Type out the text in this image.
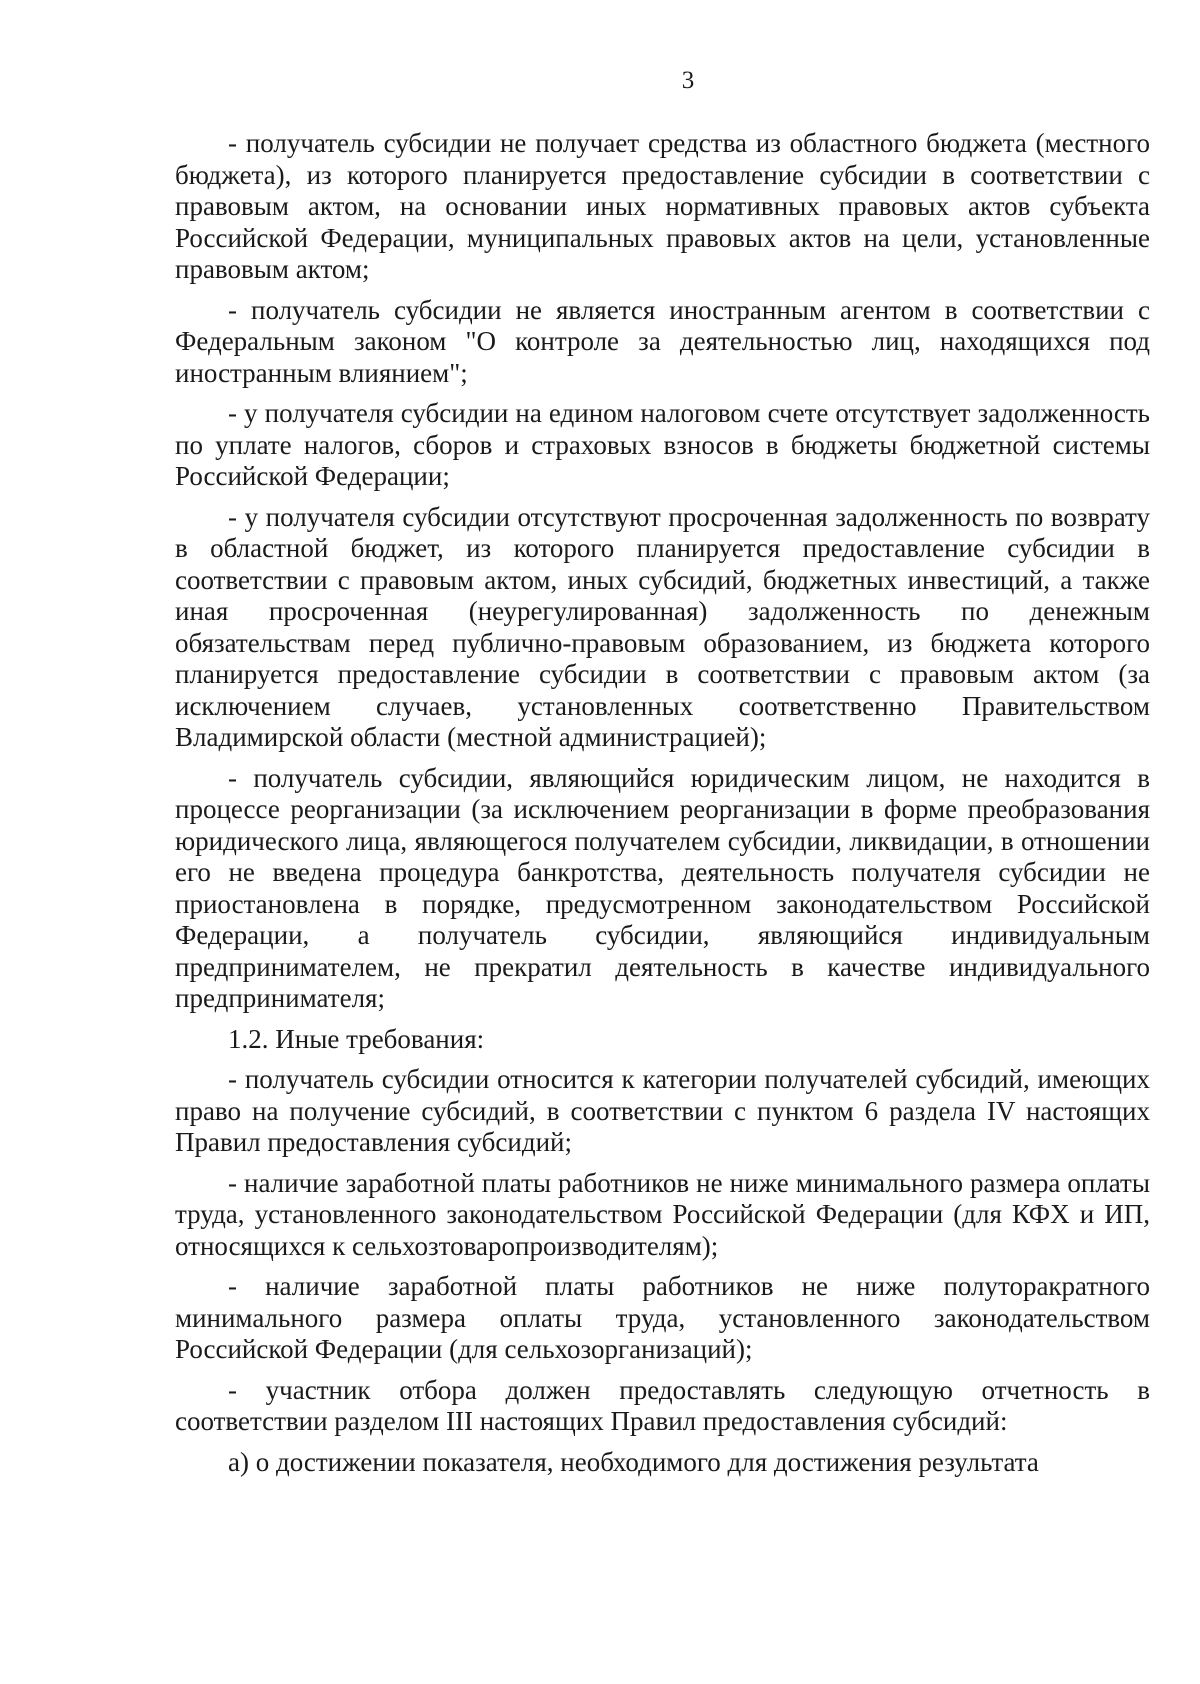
3

- получатель субсидии не получает средства из областного бюджета (местного бюджета), из которого планируется предоставление субсидии в соответствии с правовым актом, на основании иных нормативных правовых актов субъекта Российской Федерации, муниципальных правовых актов на цели, установленные правовым актом;

- получатель субсидии не является иностранным агентом в соответствии с Федеральным законом "О контроле за деятельностью лиц, находящихся под иностранным влиянием";

- у получателя субсидии на едином налоговом счете отсутствует задолженность по уплате налогов, сборов и страховых взносов в бюджеты бюджетной системы Российской Федерации;

- у получателя субсидии отсутствуют просроченная задолженность по возврату в областной бюджет, из которого планируется предоставление субсидии в соответствии с правовым актом, иных субсидий, бюджетных инвестиций, а также иная просроченная (неурегулированная) задолженность по денежным обязательствам перед публично-правовым образованием, из бюджета которого планируется предоставление субсидии в соответствии с правовым актом (за исключением случаев, установленных соответственно Правительством Владимирской области (местной администрацией);

- получатель субсидии, являющийся юридическим лицом, не находится в процессе реорганизации (за исключением реорганизации в форме преобразования юридического лица, являющегося получателем субсидии, ликвидации, в отношении его не введена процедура банкротства, деятельность получателя субсидии не приостановлена в порядке, предусмотренном законодательством Российской Федерации, а получатель субсидии, являющийся индивидуальным предпринимателем, не прекратил деятельность в качестве индивидуального предпринимателя;

1.2. Иные требования:

- получатель субсидии относится к категории получателей субсидий, имеющих право на получение субсидий, в соответствии с пунктом 6 раздела IV настоящих Правил предоставления субсидий;

- наличие заработной платы работников не ниже минимального размера оплаты труда, установленного законодательством Российской Федерации (для КФХ и ИП, относящихся к сельхозтоваропроизводителям);

- наличие заработной платы работников не ниже полуторакратного минимального размера оплаты труда, установленного законодательством Российской Федерации (для сельхозорганизаций);

- участник отбора должен предоставлять следующую отчетность в соответствии разделом III настоящих Правил предоставления субсидий:

а) о достижении показателя, необходимого для достижения результата
